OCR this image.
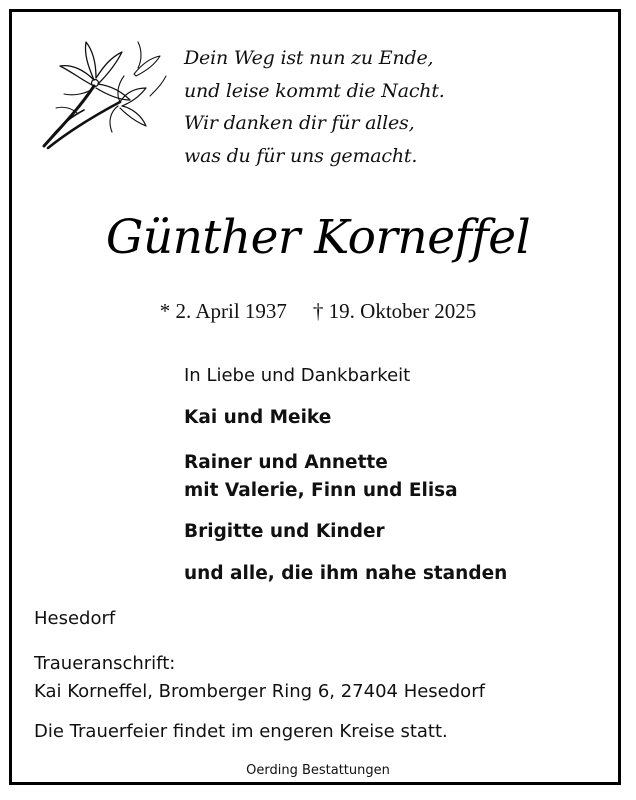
Dein Weg ist nun zu Ende,
und leise kommt die Nacht.
Wir danken dir für alles,
was du für uns gemacht.
Günther Korneffel
* 2. April 1937 † 19. Oktober 2025
In Liebe und Dankbarkeit
Kai und Meike
Rainer und Annette
mit Valerie, Finn und Elisa
Brigitte und Kinder
und alle, die ihm nahe standen
Hesedorf
Traueranschrift:
Kai Korneffel, Bromberger Ring 6, 27404 Hesedorf
Die Trauerfeier findet im engeren Kreise statt.
Oerding Bestattungen
